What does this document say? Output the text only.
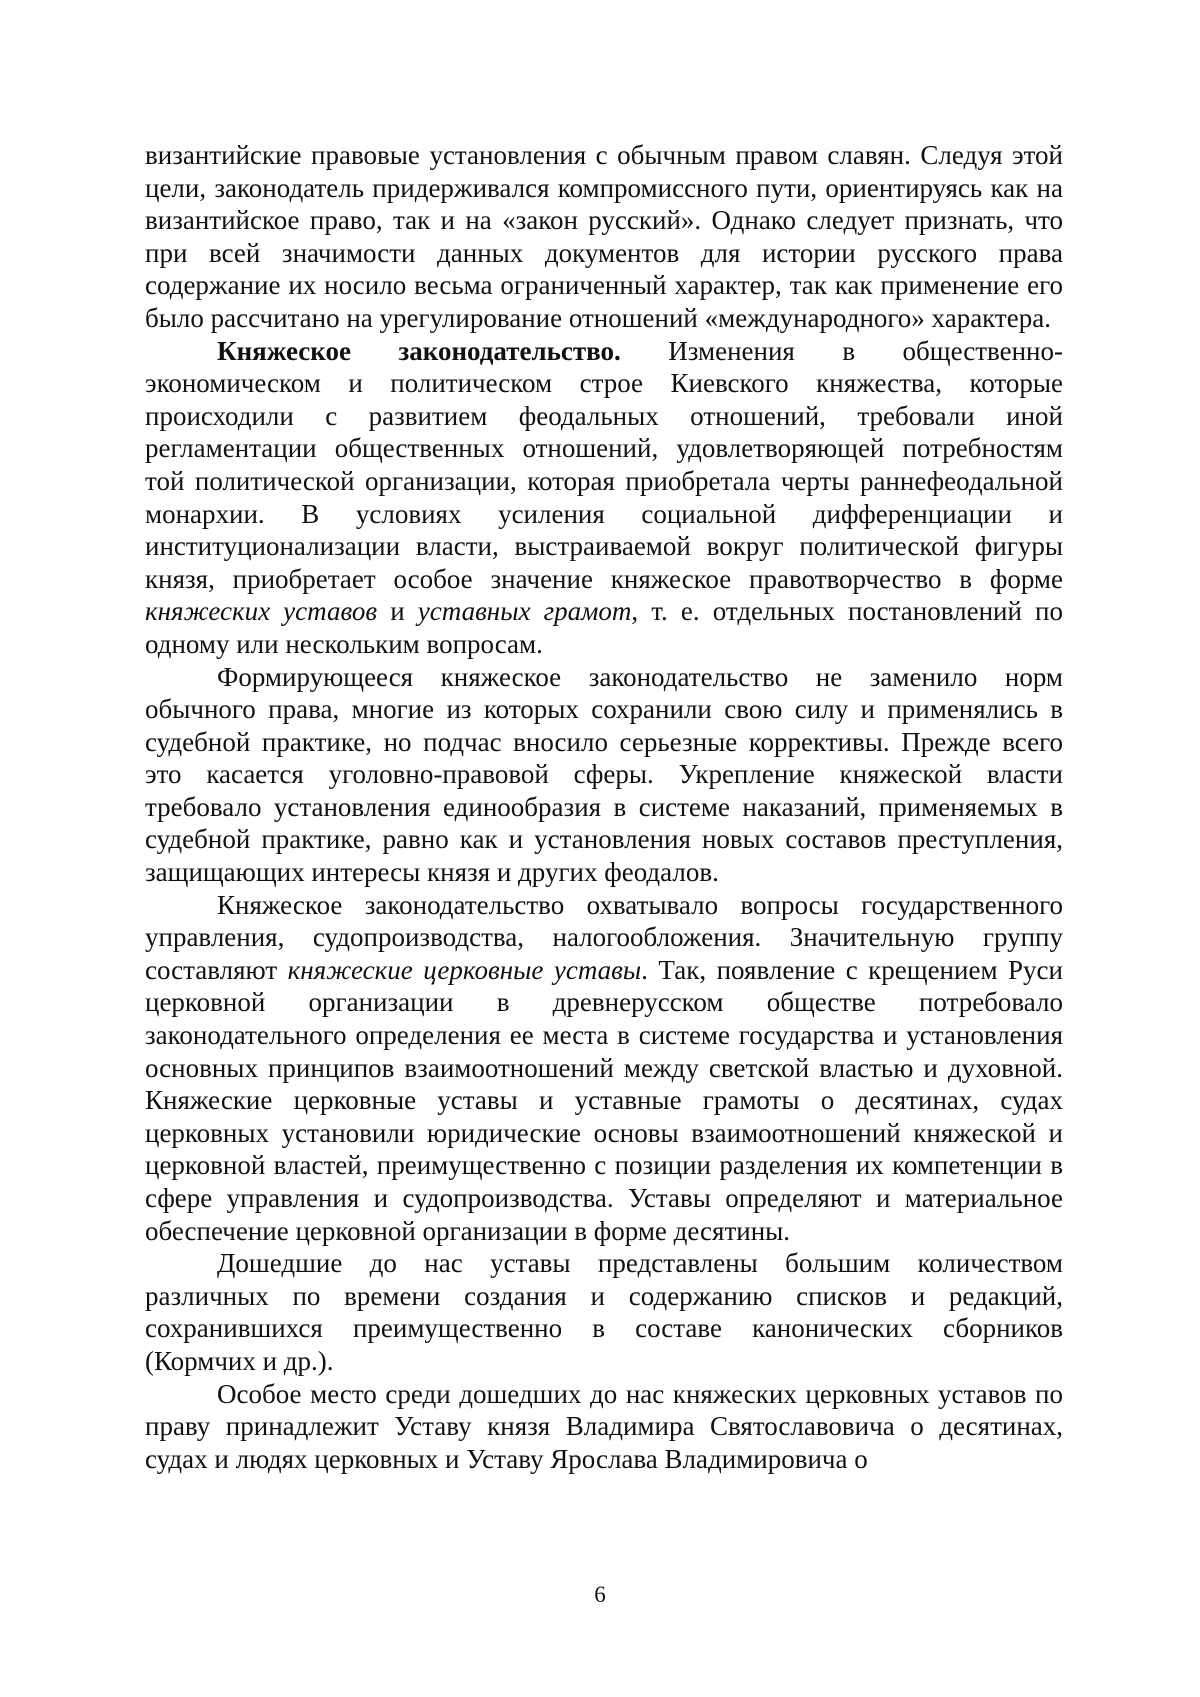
византийские правовые установления с обычным правом славян. Следуя этой цели, законодатель придерживался компромиссного пути, ориентируясь как на византийское право, так и на «закон русский». Однако следует признать, что при всей значимости данных документов для истории русского права содержание их носило весьма ограниченный характер, так как применение его было рассчитано на урегулирование отношений «международного» характера.

Княжеское законодательство. Изменения в общественно-экономическом и политическом строе Киевского княжества, которые происходили с развитием феодальных отношений, требовали иной регламентации общественных отношений, удовлетворяющей потребностям той политической организации, которая приобретала черты раннефеодальной монархии. В условиях усиления социальной дифференциации и институционализации власти, выстраиваемой вокруг политической фигуры князя, приобретает особое значение княжеское правотворчество в форме княжеских уставов и уставных грамот, т. е. отдельных постановлений по одному или нескольким вопросам.

Формирующееся княжеское законодательство не заменило норм обычного права, многие из которых сохранили свою силу и применялись в судебной практике, но подчас вносило серьезные коррективы. Прежде всего это касается уголовно-правовой сферы. Укрепление княжеской власти требовало установления единообразия в системе наказаний, применяемых в судебной практике, равно как и установления новых составов преступления, защищающих интересы князя и других феодалов.

Княжеское законодательство охватывало вопросы государственного управления, судопроизводства, налогообложения. Значительную группу составляют княжеские церковные уставы. Так, появление с крещением Руси церковной организации в древнерусском обществе потребовало законодательного определения ее места в системе государства и установления основных принципов взаимоотношений между светской властью и духовной. Княжеские церковные уставы и уставные грамоты о десятинах, судах церковных установили юридические основы взаимоотношений княжеской и церковной властей, преимущественно с позиции разделения их компетенции в сфере управления и судопроизводства. Уставы определяют и материальное обеспечение церковной организации в форме десятины.

Дошедшие до нас уставы представлены большим количеством различных по времени создания и содержанию списков и редакций, сохранившихся преимущественно в составе канонических сборников (Кормчих и др.).

Особое место среди дошедших до нас княжеских церковных уставов по праву принадлежит Уставу князя Владимира Святославовича о десятинах, судах и людях церковных и Уставу Ярослава Владимировича о

6
